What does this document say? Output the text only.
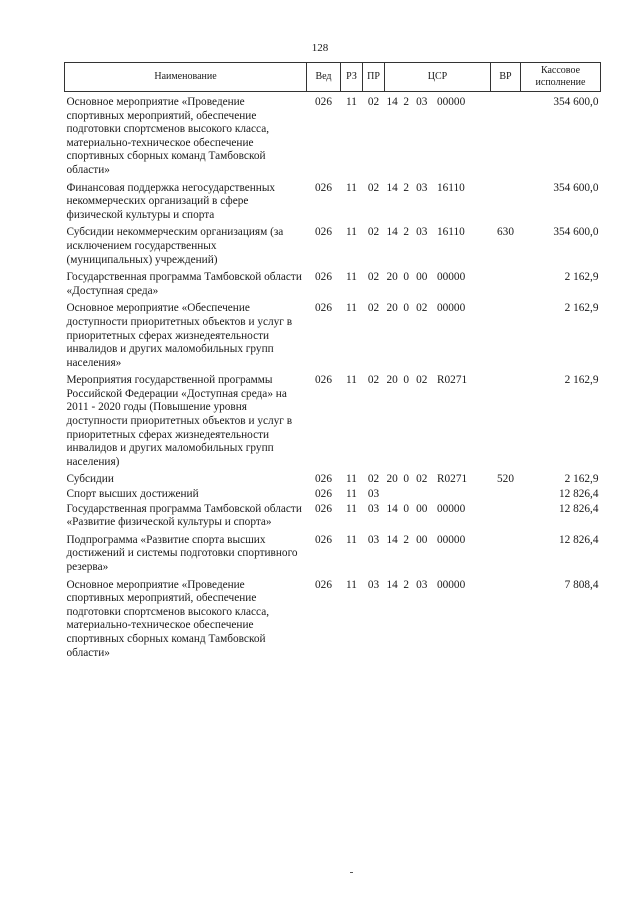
128
Наименование	Вед	РЗ	ПР	ЦСР	ВР	Кассовое исполнение
Основное мероприятие «Проведение спортивных мероприятий, обеспечение подготовки спортсменов высокого класса, материально-техническое обеспечение спортивных сборных команд Тамбовской области»	026	11	02	14 2 03 00000		354 600,0
Финансовая поддержка негосударственных некоммерческих организаций в сфере физической культуры и спорта	026	11	02	14 2 03 16110		354 600,0
Субсидии некоммерческим организациям (за исключением государственных (муниципальных) учреждений)	026	11	02	14 2 03 16110	630	354 600,0
Государственная программа Тамбовской области «Доступная среда»	026	11	02	20 0 00 00000		2 162,9
Основное мероприятие «Обеспечение доступности приоритетных объектов и услуг в приоритетных сферах жизнедеятельности инвалидов и других маломобильных групп населения»	026	11	02	20 0 02 00000		2 162,9
Мероприятия государственной программы Российской Федерации «Доступная среда» на 2011 - 2020 годы (Повышение уровня доступности приоритетных объектов и услуг в приоритетных сферах жизнедеятельности инвалидов и других маломобильных групп населения)	026	11	02	20 0 02 R0271		2 162,9
Субсидии	026	11	02	20 0 02 R0271	520	2 162,9
Спорт высших достижений	026	11	03			12 826,4
Государственная программа Тамбовской области «Развитие физической культуры и спорта»	026	11	03	14 0 00 00000		12 826,4
Подпрограмма «Развитие спорта высших достижений и системы подготовки спортивного резерва»	026	11	03	14 2 00 00000		12 826,4
Основное мероприятие «Проведение спортивных мероприятий, обеспечение подготовки спортсменов высокого класса, материально-техническое обеспечение спортивных сборных команд Тамбовской области»	026	11	03	14 2 03 00000		7 808,4
